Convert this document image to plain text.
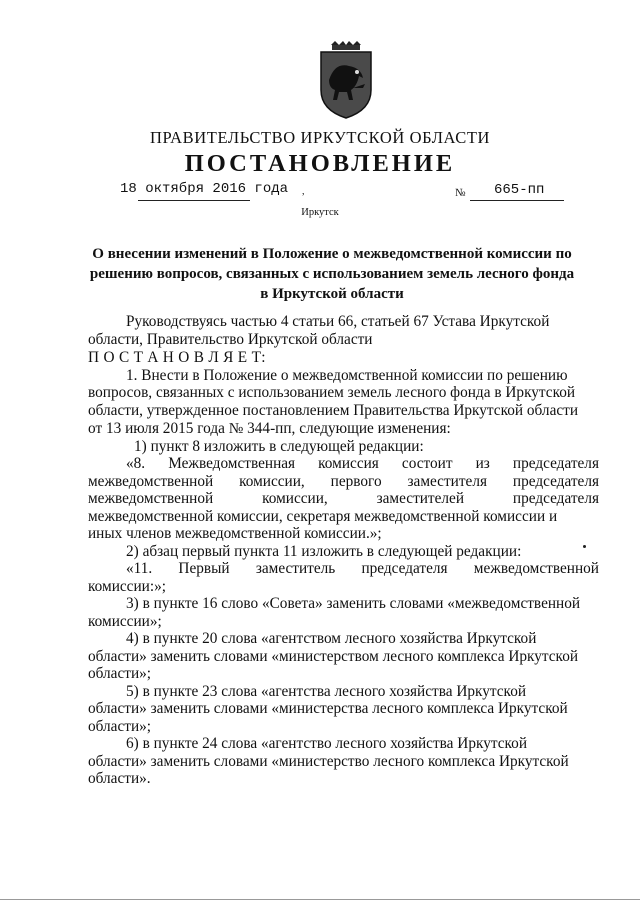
ПРАВИТЕЛЬСТВО ИРКУТСКОЙ ОБЛАСТИ
ПОСТАНОВЛЕНИЕ
18 октября 2016 года ,	№ 665-пп
Иркутск
О внесении изменений в Положение о межведомственной комиссии по
решению вопросов, связанных с использованием земель лесного фонда
в Иркутской области
Руководствуясь частью 4 статьи 66, статьей 67 Устава Иркутской
области, Правительство Иркутской области
П О С Т А Н О В Л Я Е Т:
1. Внести в Положение о межведомственной комиссии по решению
вопросов, связанных с использованием земель лесного фонда в Иркутской
области, утвержденное постановлением Правительства Иркутской области
от 13 июля 2015 года № 344-пп, следующие изменения:
1) пункт 8 изложить в следующей редакции:
«8. Межведомственная комиссия состоит из председателя
межведомственной комиссии, первого заместителя председателя
межведомственной	комиссии,	заместителей	председателя
межведомственной комиссии, секретаря межведомственной комиссии и
иных членов межведомственной комиссии.»;
2) абзац первый пункта 11 изложить в следующей редакции:
«11. Первый заместитель председателя межведомственной
комиссии:»;
3) в пункте 16 слово «Совета» заменить словами «межведомственной
комиссии»;
4) в пункте 20 слова «агентством лесного хозяйства Иркутской
области» заменить словами «министерством лесного комплекса Иркутской
области»;
5) в пункте 23 слова «агентства лесного хозяйства Иркутской
области» заменить словами «министерства лесного комплекса Иркутской
области»;
6) в пункте 24 слова «агентство лесного хозяйства Иркутской
области» заменить словами «министерство лесного комплекса Иркутской
области».
